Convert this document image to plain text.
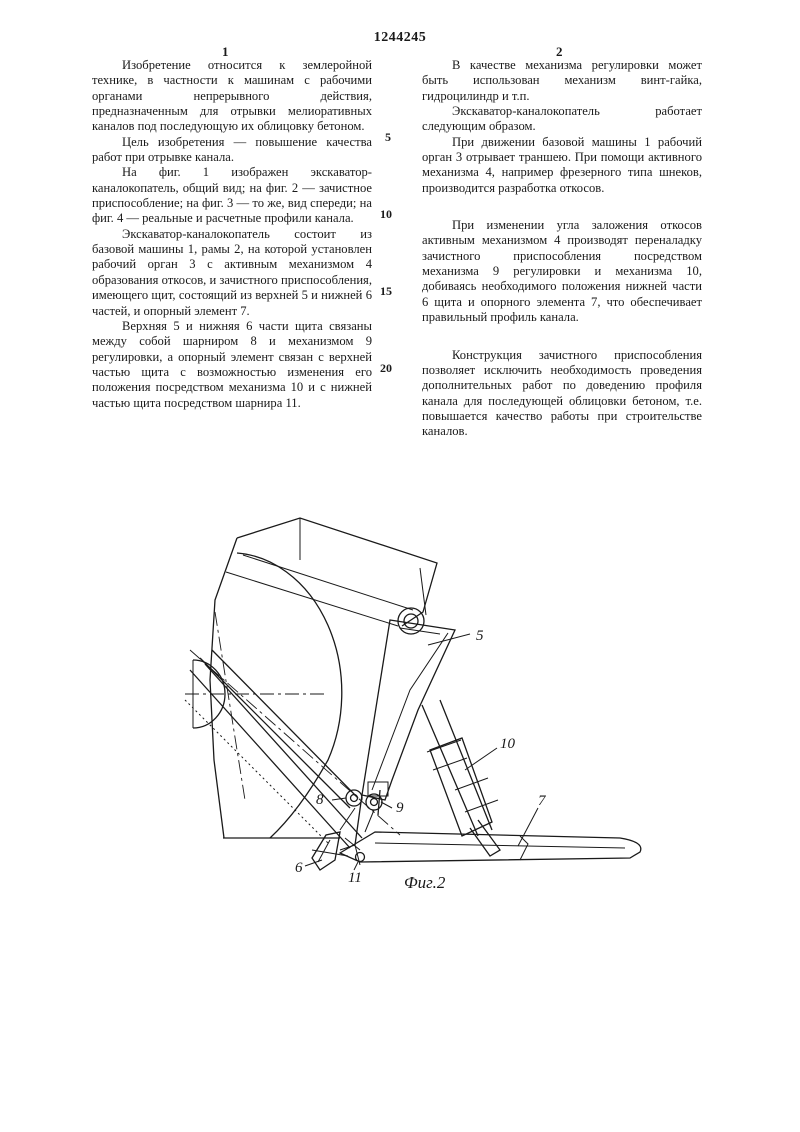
1244245
1	2

Изобретение относится к землеройной технике, в частности к машинам с рабочими органами непрерывного действия, предназначенным для отрывки мелиоративных каналов под последующую их облицовку бетоном.

Цель изобретения — повышение качества работ при отрывке канала.

На фиг. 1 изображен экскаватор-каналокопатель, общий вид; на фиг. 2 — зачистное приспособление; на фиг. 3 — то же, вид спереди; на фиг. 4 — реальные и расчетные профили канала.

Экскаватор-каналокопатель состоит из базовой машины 1, рамы 2, на которой установлен рабочий орган 3 с активным механизмом 4 образования откосов, и зачистного приспособления, имеющего щит, состоящий из верхней 5 и нижней 6 частей, и опорный элемент 7.

Верхняя 5 и нижняя 6 части щита связаны между собой шарниром 8 и механизмом 9 регулировки, а опорный элемент связан с верхней частью щита с возможностью изменения его положения посредством механизма 10 и с нижней частью щита посредством шарнира 11.

В качестве механизма регулировки может быть использован механизм винт-гайка, гидроцилиндр и т.п.

Экскаватор-каналокопатель работает следующим образом.

При движении базовой машины 1 рабочий орган 3 отрывает траншею. При помощи активного механизма 4, например фрезерного типа шнеков, производится разработка откосов.

При изменении угла заложения откосов активным механизмом 4 производят переналадку зачистного приспособления посредством механизма 9 регулировки и механизма 10, добиваясь необходимого положения нижней части 6 щита и опорного элемента 7, что обеспечивает правильный профиль канала.

Конструкция зачистного приспособления позволяет исключить необходимость проведения дополнительных работ по доведению профиля канала для последующей облицовки бетоном, т.е. повышается качество работы при строительстве каналов.

5
10
15
20
5
10
7
8	9
6
11 Фиг.2
